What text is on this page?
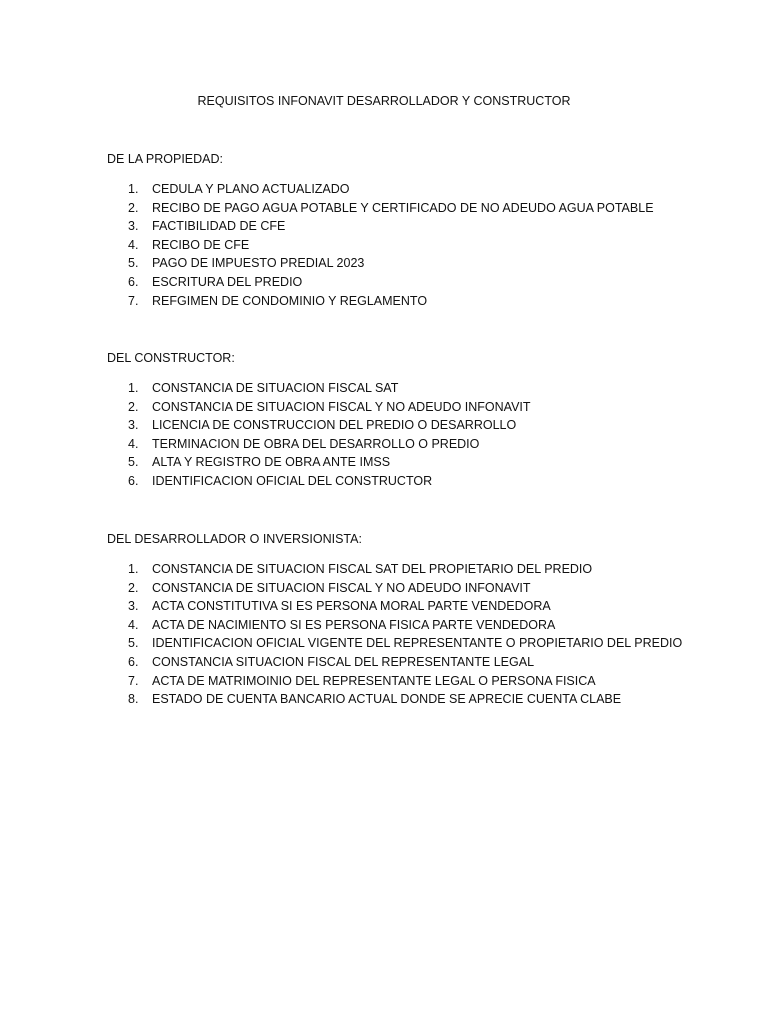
REQUISITOS INFONAVIT DESARROLLADOR Y CONSTRUCTOR
DE LA PROPIEDAD:
1. CEDULA Y PLANO ACTUALIZADO
2. RECIBO DE PAGO AGUA POTABLE Y CERTIFICADO DE NO ADEUDO AGUA POTABLE
3. FACTIBILIDAD DE CFE
4. RECIBO DE CFE
5. PAGO DE IMPUESTO PREDIAL 2023
6. ESCRITURA DEL PREDIO
7. REFGIMEN DE CONDOMINIO Y REGLAMENTO
DEL CONSTRUCTOR:
1. CONSTANCIA DE SITUACION FISCAL SAT
2. CONSTANCIA DE SITUACION FISCAL Y NO ADEUDO INFONAVIT
3. LICENCIA DE CONSTRUCCION DEL PREDIO O DESARROLLO
4. TERMINACION DE OBRA DEL DESARROLLO O PREDIO
5. ALTA Y REGISTRO DE OBRA ANTE IMSS
6. IDENTIFICACION OFICIAL DEL CONSTRUCTOR
DEL DESARROLLADOR O INVERSIONISTA:
1. CONSTANCIA DE SITUACION FISCAL SAT DEL PROPIETARIO DEL PREDIO
2. CONSTANCIA DE SITUACION FISCAL Y NO ADEUDO INFONAVIT
3. ACTA CONSTITUTIVA SI ES PERSONA MORAL PARTE VENDEDORA
4. ACTA DE NACIMIENTO SI ES PERSONA FISICA PARTE VENDEDORA
5. IDENTIFICACION OFICIAL VIGENTE DEL REPRESENTANTE O PROPIETARIO DEL PREDIO
6. CONSTANCIA SITUACION FISCAL DEL REPRESENTANTE LEGAL
7. ACTA DE MATRIMOINIO DEL REPRESENTANTE LEGAL O PERSONA FISICA
8. ESTADO DE CUENTA BANCARIO ACTUAL DONDE SE APRECIE CUENTA CLABE
